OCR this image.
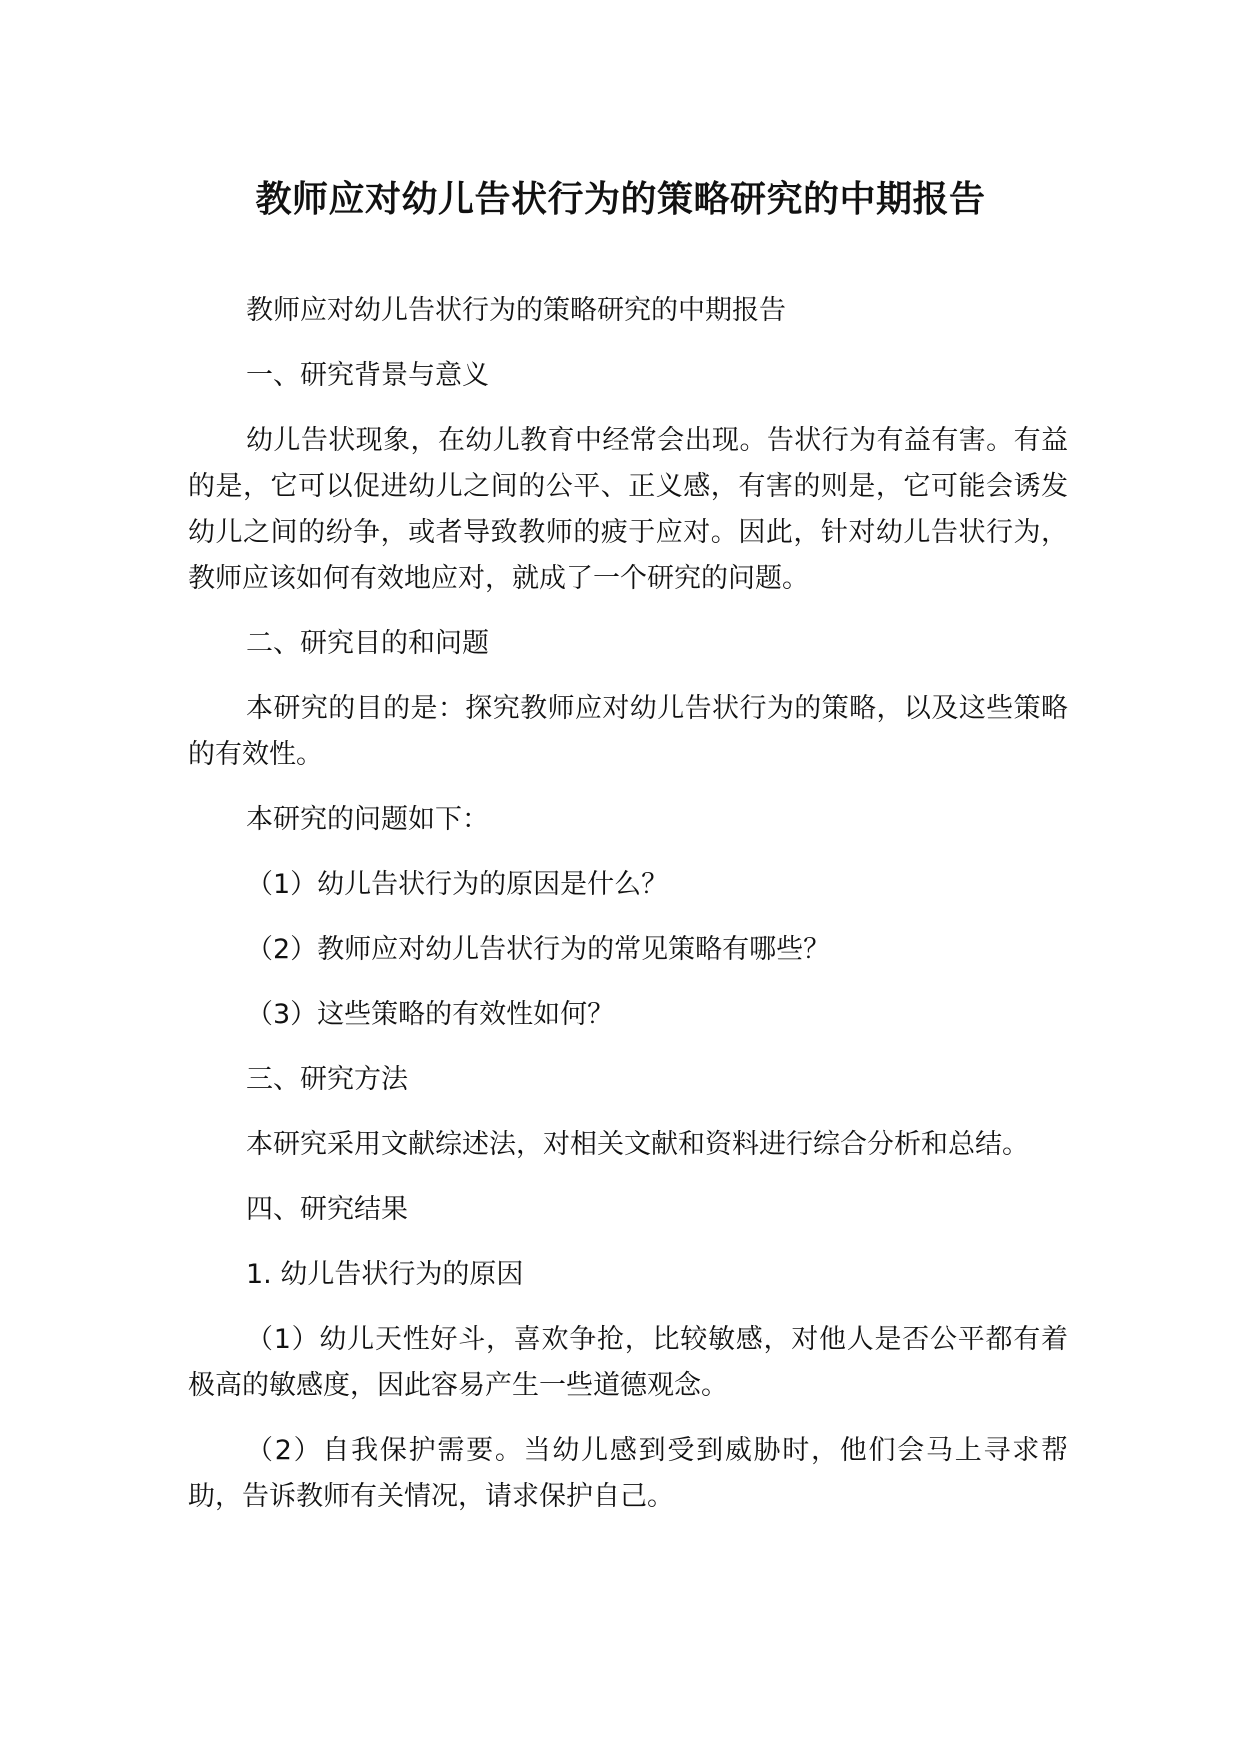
教师应对幼儿告状行为的策略研究的中期报告

教师应对幼儿告状行为的策略研究的中期报告

一、研究背景与意义

幼儿告状现象，在幼儿教育中经常会出现。告状行为有益有害。有益的是，它可以促进幼儿之间的公平、正义感，有害的则是，它可能会诱发幼儿之间的纷争，或者导致教师的疲于应对。因此，针对幼儿告状行为，教师应该如何有效地应对，就成了一个研究的问题。

二、研究目的和问题

本研究的目的是：探究教师应对幼儿告状行为的策略，以及这些策略的有效性。

本研究的问题如下：

（1）幼儿告状行为的原因是什么？

（2）教师应对幼儿告状行为的常见策略有哪些？

（3）这些策略的有效性如何？

三、研究方法

本研究采用文献综述法，对相关文献和资料进行综合分析和总结。

四、研究结果

1. 幼儿告状行为的原因

（1）幼儿天性好斗，喜欢争抢，比较敏感，对他人是否公平都有着极高的敏感度，因此容易产生一些道德观念。

（2）自我保护需要。当幼儿感到受到威胁时，他们会马上寻求帮助，告诉教师有关情况，请求保护自己。
